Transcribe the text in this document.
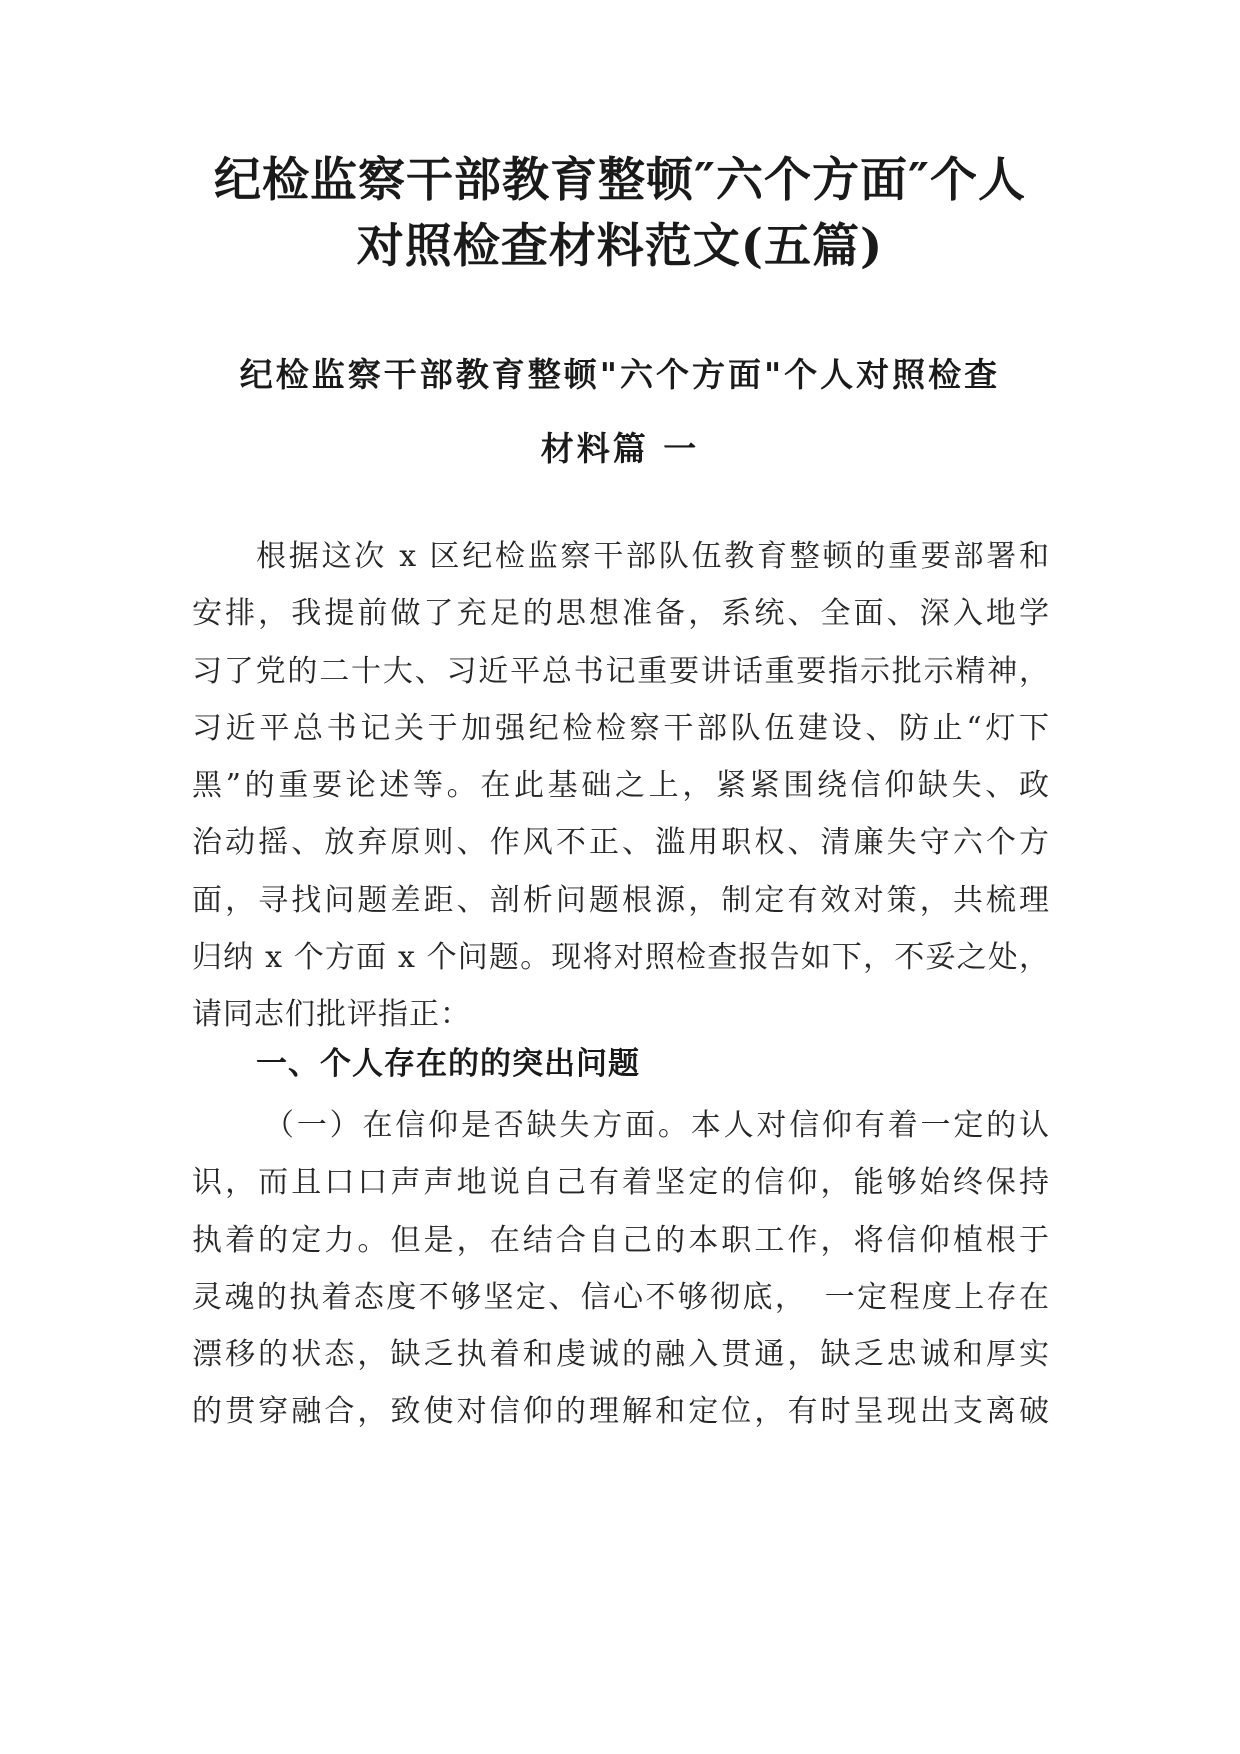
纪检监察干部教育整顿″六个方面″个人
对照检查材料范文(五篇)
纪检监察干部教育整顿"六个方面"个人对照检查
材料篇 一
根据这次 x 区纪检监察干部队伍教育整顿的重要部署和
安排，我提前做了充足的思想准备，系统、全面、深入地学
习了党的二十大、习近平总书记重要讲话重要指示批示精神，
习近平总书记关于加强纪检检察干部队伍建设、防止“灯下
黑”的重要论述等。在此基础之上，紧紧围绕信仰缺失、政
治动摇、放弃原则、作风不正、滥用职权、清廉失守六个方
面，寻找问题差距、剖析问题根源，制定有效对策，共梳理
归纳 x 个方面 x 个问题。现将对照检查报告如下，不妥之处，
请同志们批评指正：
一、个人存在的的突出问题
（一）在信仰是否缺失方面。本人对信仰有着一定的认
识，而且口口声声地说自己有着坚定的信仰，能够始终保持
执着的定力。但是，在结合自己的本职工作，将信仰植根于
灵魂的执着态度不够坚定、信心不够彻底，　一定程度上存在
漂移的状态，缺乏执着和虔诚的融入贯通，缺乏忠诚和厚实
的贯穿融合，致使对信仰的理解和定位，有时呈现出支离破
